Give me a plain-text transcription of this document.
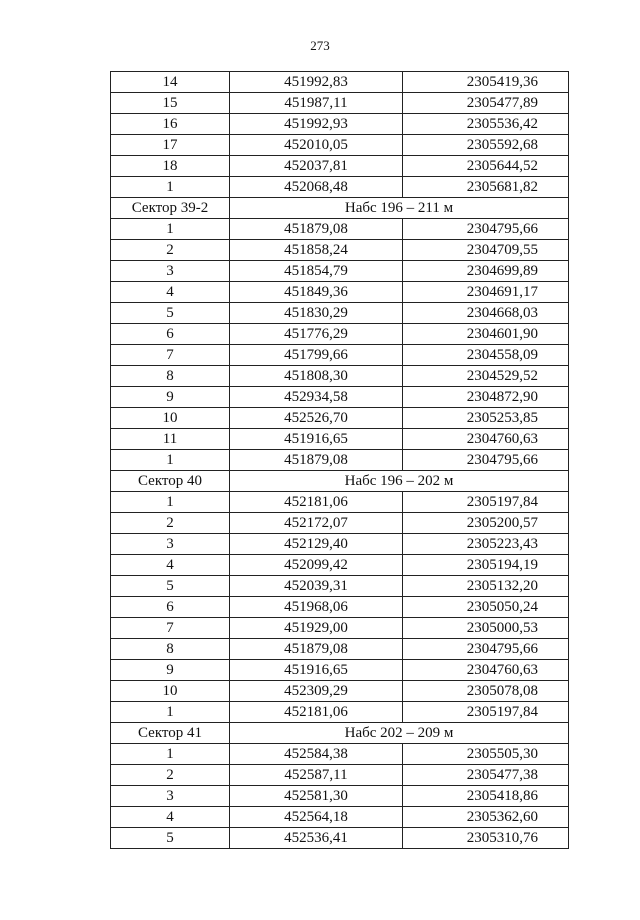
273
14	451992,83	2305419,36
15	451987,11	2305477,89
16	451992,93	2305536,42
17	452010,05	2305592,68
18	452037,81	2305644,52
1	452068,48	2305681,82
Сектор 39-2	Набс 196 – 211 м	
1	451879,08	2304795,66
2	451858,24	2304709,55
3	451854,79	2304699,89
4	451849,36	2304691,17
5	451830,29	2304668,03
6	451776,29	2304601,90
7	451799,66	2304558,09
8	451808,30	2304529,52
9	452934,58	2304872,90
10	452526,70	2305253,85
11	451916,65	2304760,63
1	451879,08	2304795,66
Сектор 40	Набс 196 – 202 м	
1	452181,06	2305197,84
2	452172,07	2305200,57
3	452129,40	2305223,43
4	452099,42	2305194,19
5	452039,31	2305132,20
6	451968,06	2305050,24
7	451929,00	2305000,53
8	451879,08	2304795,66
9	451916,65	2304760,63
10	452309,29	2305078,08
1	452181,06	2305197,84
Сектор 41	Набс 202 – 209 м	
1	452584,38	2305505,30
2	452587,11	2305477,38
3	452581,30	2305418,86
4	452564,18	2305362,60
5	452536,41	2305310,76
